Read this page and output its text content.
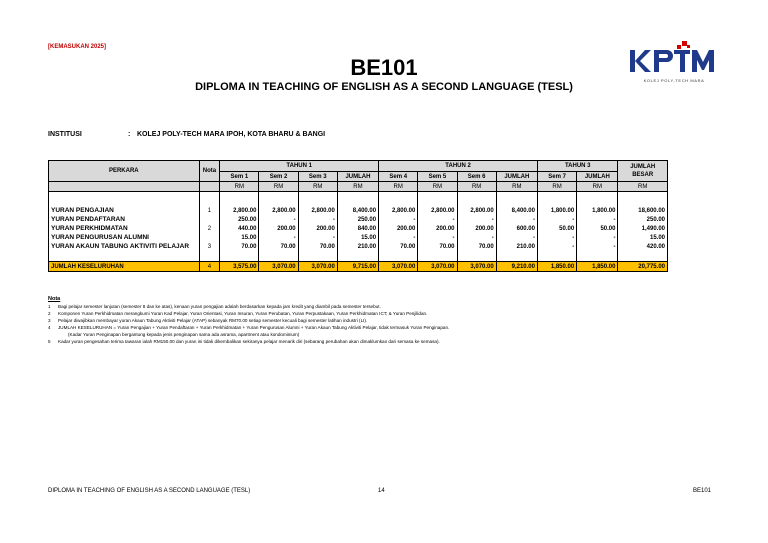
[KEMASUKAN 2025]
BE101
DIPLOMA IN TEACHING OF ENGLISH AS A SECOND LANGUAGE (TESL)
KOLEJ POLY-TECH MARA
INSTITUSI	: KOLEJ POLY-TECH MARA IPOH, KOTA BHARU & BANGI
PERKARA	Nota	TAHUN 1				TAHUN 2				TAHUN 3		JUMLAH BESAR
		Sem 1	Sem 2	Sem 3	JUMLAH	Sem 4	Sem 5	Sem 6	JUMLAH	Sem 7	JUMLAH	
		RM	RM	RM	RM	RM	RM	RM	RM	RM	RM	RM

YURAN PENGAJIAN	1	2,800.00	2,800.00	2,800.00	8,400.00	2,800.00	2,800.00	2,800.00	8,400.00	1,800.00	1,800.00	18,600.00
YURAN PENDAFTARAN		250.00	-	-	250.00	-	-	-	-	-	-	250.00
YURAN PERKHIDMATAN	2	440.00	200.00	200.00	840.00	200.00	200.00	200.00	600.00	50.00	50.00	1,490.00
YURAN PENGURUSAN ALUMNI		15.00	-	-	15.00	-	-	-	-	-	-	15.00
YURAN AKAUN TABUNG AKTIVITI PELAJAR	3	70.00	70.00	70.00	210.00	70.00	70.00	70.00	210.00	-	-	420.00

JUMLAH KESELURUHAN	4	3,575.00	3,070.00	3,070.00	9,715.00	3,070.00	3,070.00	3,070.00	9,210.00	1,850.00	1,850.00	20,775.00
Nota
1	Bagi pelajar semester lanjutan (semester 8 dan ke atas), kenaan yuran pengajian adalah berdasarkan kepada jam kredit yang diambil pada semester tersebut.
2	Komponen Yuran Perkhidmatan merangkumi Yuran Kad Pelajar, Yuran Orientasi, Yuran Insuran, Yuran Perubatan, Yuran Perpustakaan, Yuran Perkhidmatan ICT; & Yuran Penjilidan.
3	Pelajar diwajibkan membayar yuran Akaun Tabung Aktiviti Pelajar (ATAP) sebanyak RM70.00 setiap semester kecuali bagi semester latihan industri (LI).
4	JUMLAH KESELURUHAN = Yuran Pengajian + Yuran Pendaftaran + Yuran Perkhidmatan + Yuran Pengurusan Alumni + Yuran Akaun Tabung Aktiviti Pelajar, tidak termasuk Yuran Penginapan.
(Kadar Yuran Penginapan bergantung kepada jenis penginapan sama ada asrama, apartment atau kondominium)
5	Kadar yuran pengesahan terima tawaran ialah RM150.00 dan yuran ini tidak dikembalikan sekiranya pelajar menarik diri (sebarang perubahan akan dimaklumkan dari semasa ke semasa).
DIPLOMA IN TEACHING OF ENGLISH AS A SECOND LANGUAGE (TESL)	14	BE101
